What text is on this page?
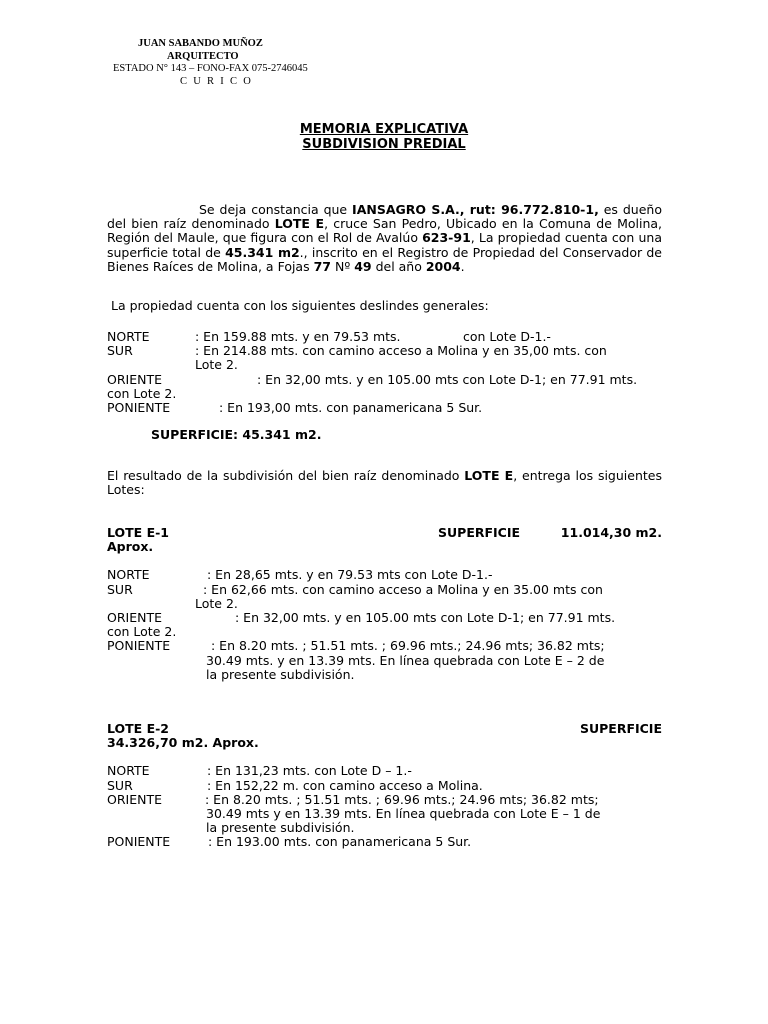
JUAN SABANDO MUÑOZ
ARQUITECTO
ESTADO N° 143 – FONO-FAX 075-2746045
C U R I C O
MEMORIA EXPLICATIVA
SUBDIVISION PREDIAL
Se deja constancia que IANSAGRO S.A., rut: 96.772.810-1, es dueño del bien raíz denominado LOTE E, cruce San Pedro, Ubicado en la Comuna de Molina, Región del Maule, que figura con el Rol de Avalúo 623-91, La propiedad cuenta con una superficie total de 45.341 m2., inscrito en el Registro de Propiedad del Conservador de Bienes Raíces de Molina, a Fojas 77 Nº 49 del año 2004.
La propiedad cuenta con los siguientes deslindes generales:
NORTE	: En 159.88 mts. y en 79.53 mts.	con Lote D-1.-
SUR	: En 214.88 mts. con camino acceso a Molina y en 35,00 mts. con
Lote 2.
ORIENTE	: En 32,00 mts. y en 105.00 mts con Lote D-1; en 77.91 mts.
con Lote 2.
PONIENTE	: En 193,00 mts. con panamericana 5 Sur.
SUPERFICIE: 45.341 m2.
El resultado de la subdivisión del bien raíz denominado LOTE E, entrega los siguientes Lotes:
LOTE E-1	SUPERFICIE	11.014,30 m2.
Aprox.
NORTE	: En 28,65 mts. y en 79.53 mts con Lote D-1.-
SUR	: En 62,66 mts. con camino acceso a Molina y en 35.00 mts con
Lote 2.
ORIENTE	: En 32,00 mts. y en 105.00 mts con Lote D-1; en 77.91 mts.
con Lote 2.
PONIENTE	: En 8.20 mts. ; 51.51 mts. ; 69.96 mts.; 24.96 mts; 36.82 mts;
30.49 mts. y en 13.39 mts. En línea quebrada con Lote E – 2 de
la presente subdivisión.
LOTE E-2	SUPERFICIE
34.326,70 m2. Aprox.
NORTE	: En 131,23 mts. con Lote D – 1.-
SUR	: En 152,22 m. con camino acceso a Molina.
ORIENTE	: En 8.20 mts. ; 51.51 mts. ; 69.96 mts.; 24.96 mts; 36.82 mts;
30.49 mts y en 13.39 mts. En línea quebrada con Lote E – 1 de
la presente subdivisión.
PONIENTE	: En 193.00 mts. con panamericana 5 Sur.
